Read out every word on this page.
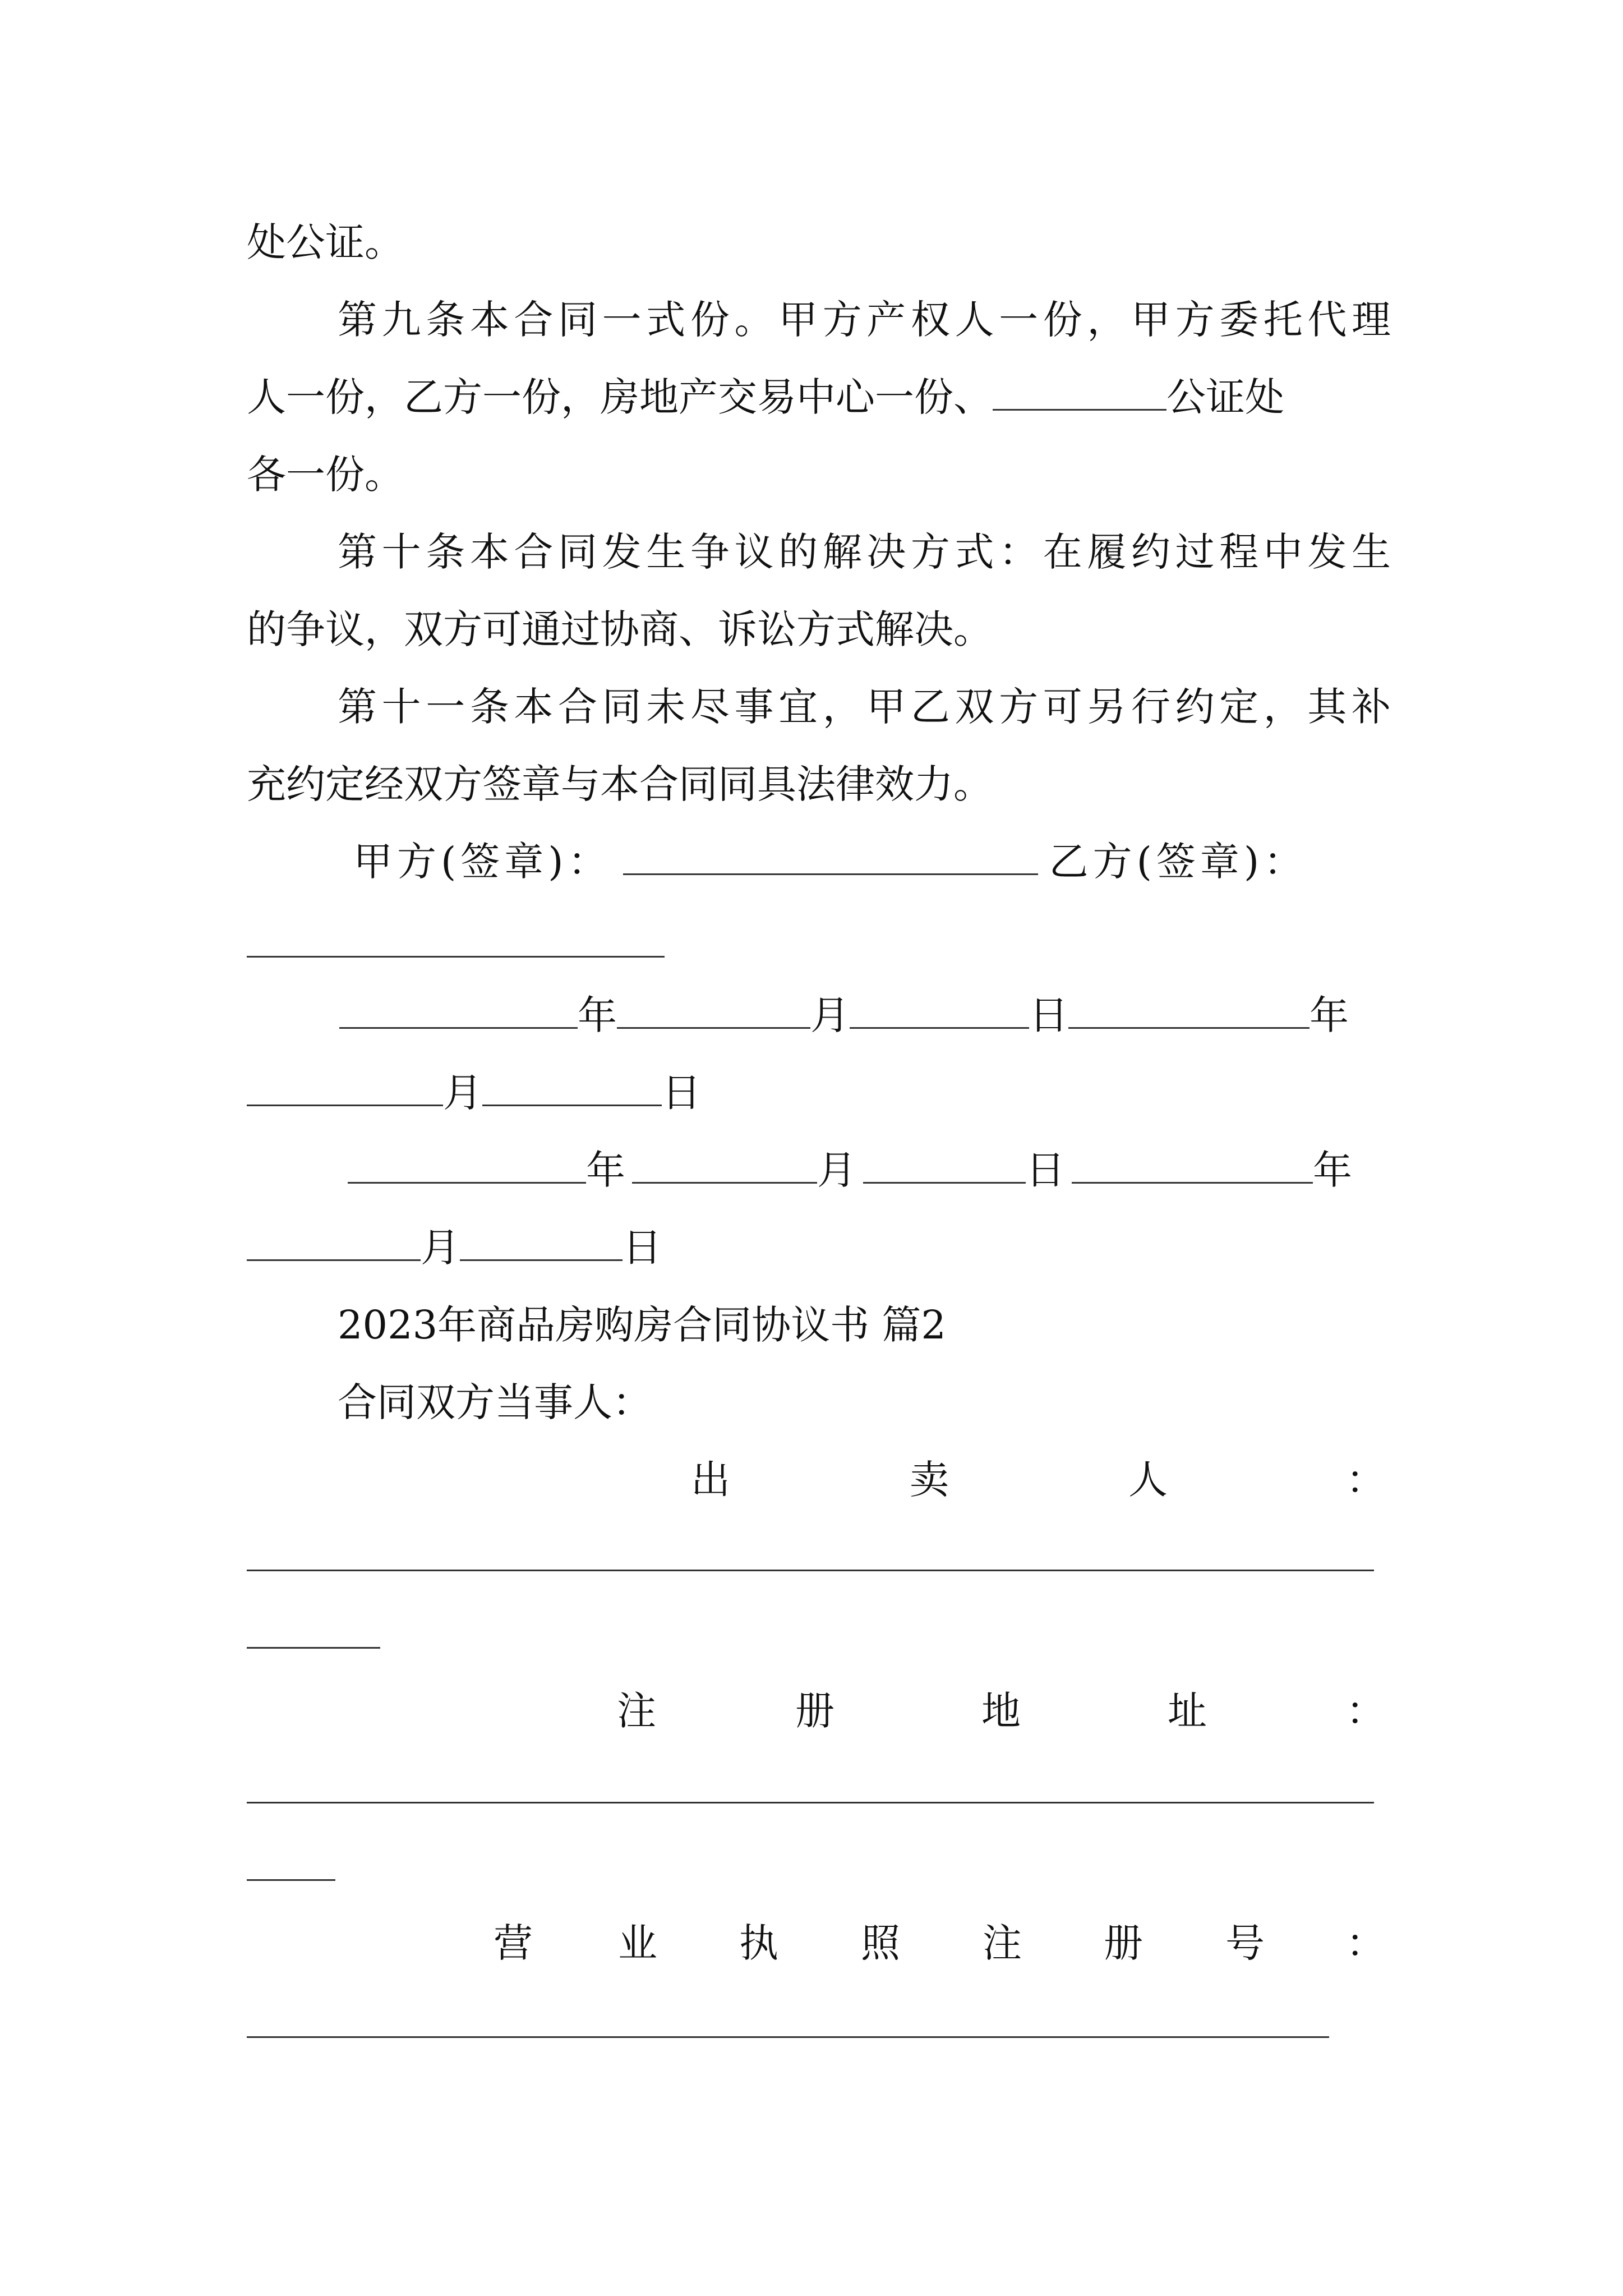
处公证。
第九条本合同一式份。甲方产权人一份，甲方委托代理
人一份，乙方一份，房地产交易中心一份、	公证处
各一份。
第十条本合同发生争议的解决方式：在履约过程中发生
的争议，双方可通过协商、诉讼方式解决。
第十一条本合同未尽事宜，甲乙双方可另行约定，其补
充约定经双方签章与本合同同具法律效力。
甲方(签章)：	乙方(签章)：
年	月	日	年
月	日
年	月	日	年
月	日
2023年商品房购房合同协议书 篇2
合同双方当事人：
出	卖	人	：
注	册	地	址	：
营 业 执 照 注 册 号 ：
